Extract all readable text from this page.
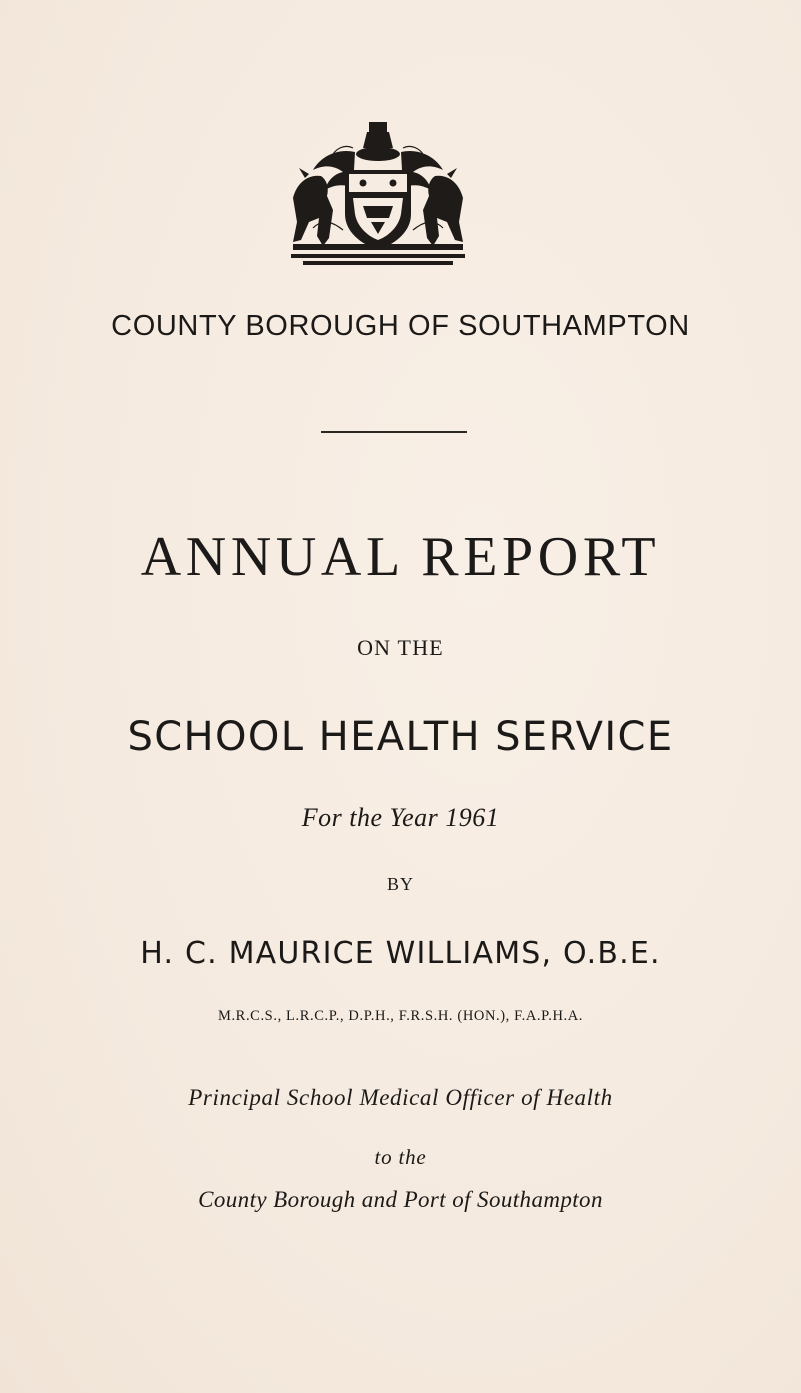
COUNTY BOROUGH OF SOUTHAMPTON
ANNUAL REPORT
ON THE
SCHOOL HEALTH SERVICE
For the Year 1961
BY
H. C. MAURICE WILLIAMS, O.B.E.
M.R.C.S., L.R.C.P., D.P.H., F.R.S.H. (HON.), F.A.P.H.A.
Principal School Medical Officer of Health
to the
County Borough and Port of Southampton
